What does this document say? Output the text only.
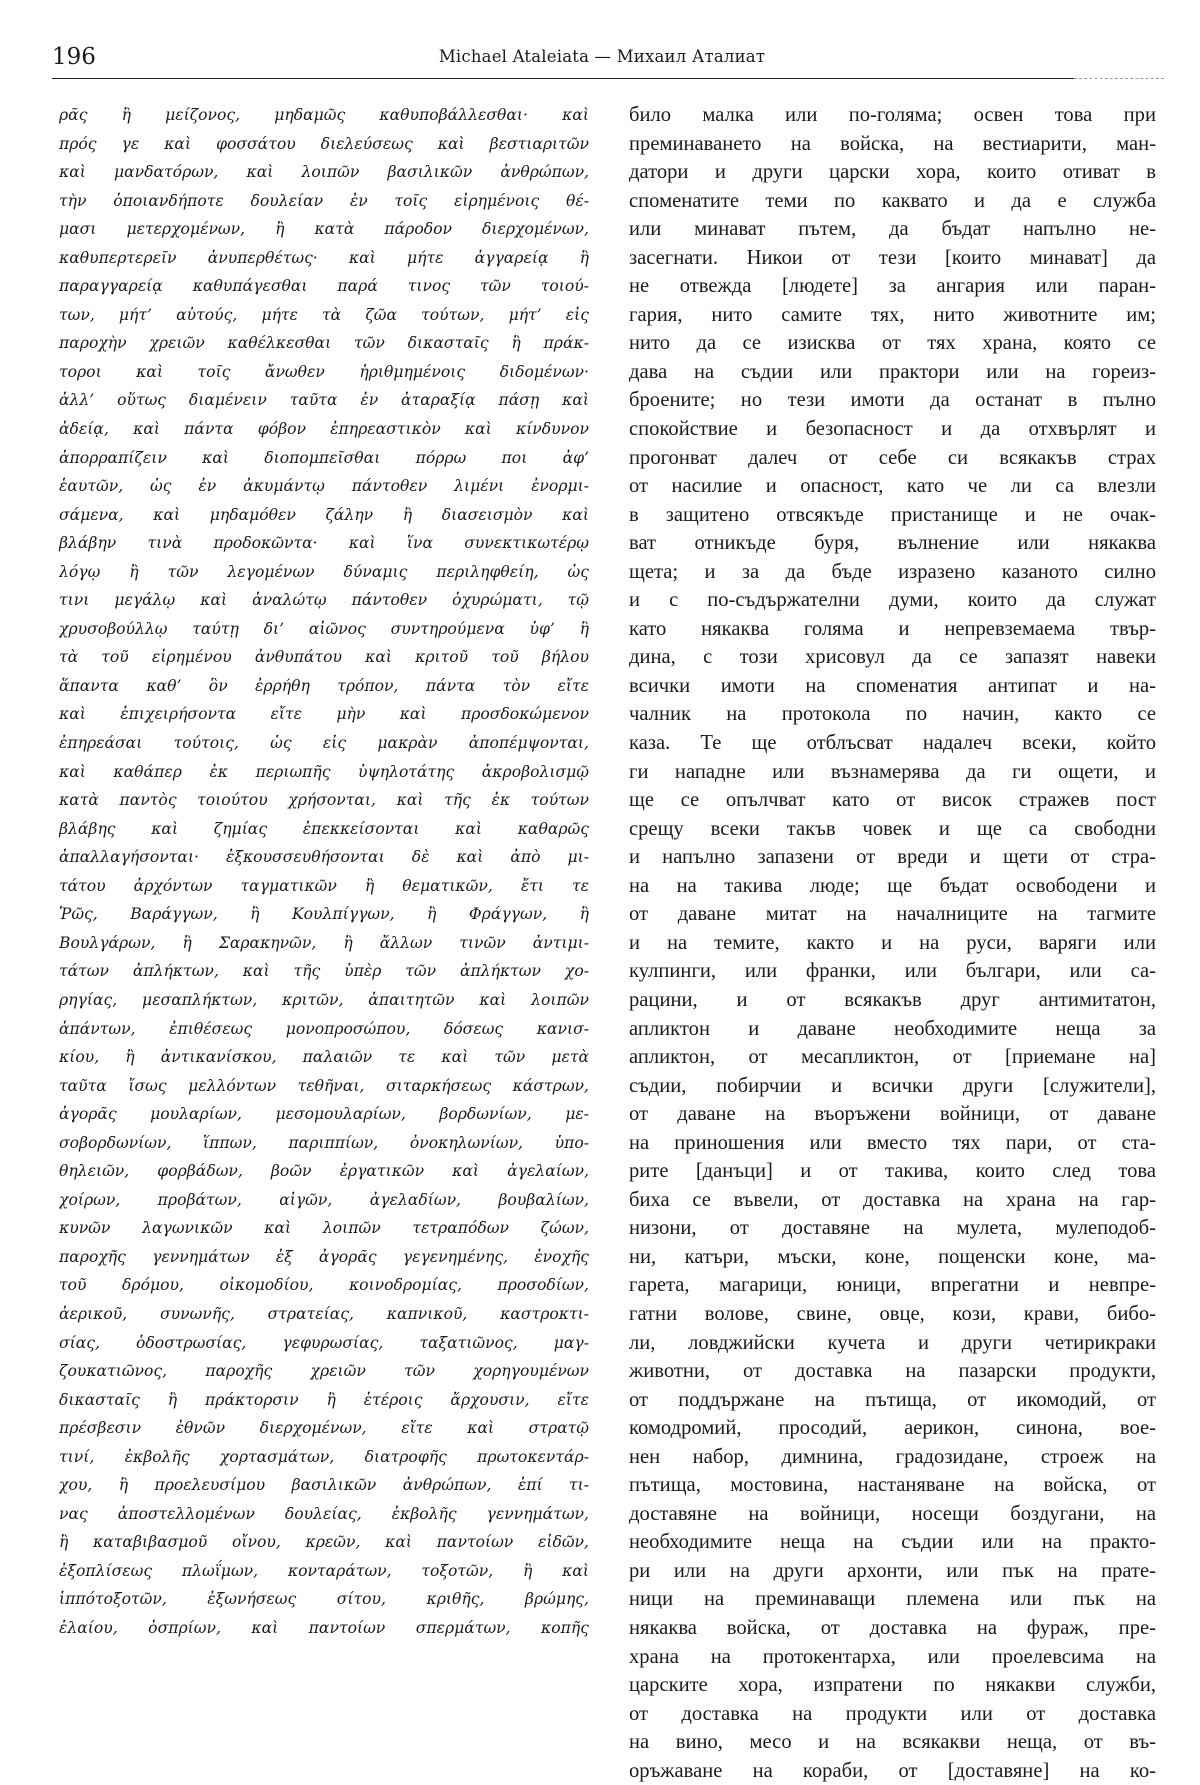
196	Michael Ataleiata — Михаил Аталиат
ρᾶς ἢ μείζονος, μηδαμῶς καθυποβάλλεσθαι· καὶ
πρός γε καὶ φοσσάτου διελεύσεως καὶ βεστιαριτῶν
καὶ μανδατόρων, καὶ λοιπῶν βασιλικῶν ἀνθρώπων,
τὴν ὁποιανδήποτε δουλείαν ἐν τοῖς εἰρημένοις θέ-
μασι μετερχομένων, ἢ κατὰ πάροδον διερχομένων,
καθυπερτερεῖν ἀνυπερθέτως· καὶ μήτε ἀγγαρείᾳ ἢ
παραγγαρείᾳ καθυπάγεσθαι παρά τινος τῶν τοιού-
των, μήτ’ αὐτούς, μήτε τὰ ζῶα τούτων, μήτ’ εἰς
παροχὴν χρειῶν καθέλκεσθαι τῶν δικασταῖς ἢ πράκ-
τοροι καὶ τοῖς ἄνωθεν ἠριθμημένοις διδομένων·
ἀλλ’ οὕτως διαμένειν ταῦτα ἐν ἀταραξίᾳ πάσῃ καὶ
ἀδείᾳ, καὶ πάντα φόβον ἐπηρεαστικὸν καὶ κίνδυνον
ἀπορραπίζειν καὶ διοπομπεῖσθαι πόρρω ποι ἀφ’
ἑαυτῶν, ὡς ἐν ἀκυμάντῳ πάντοθεν λιμένι ἐνορμι-
σάμενα, καὶ μηδαμόθεν ζάλην ἢ διασεισμὸν καὶ
βλάβην τινὰ προδοκῶντα· καὶ ἵνα συνεκτικωτέρῳ
λόγῳ ἢ τῶν λεγομένων δύναμις περιληφθείη, ὡς
τινι μεγάλῳ καὶ ἀναλώτῳ πάντοθεν ὀχυρώματι, τῷ
χρυσοβούλλῳ ταύτῃ δι’ αἰῶνος συντηρούμενα ὑφ’ ἣ
τὰ τοῦ εἰρημένου ἀνθυπάτου καὶ κριτοῦ τοῦ βήλου
ἅπαντα καθ’ ὃν ἐρρήθη τρόπον, πάντα τὸν εἴτε
καὶ ἐπιχειρήσοντα εἴτε μὴν καὶ προσδοκώμενον
ἐπηρεάσαι τούτοις, ὡς εἰς μακρὰν ἀποπέμψονται,
καὶ καθάπερ ἐκ περιωπῆς ὑψηλοτάτης ἀκροβολισμῷ
κατὰ παντὸς τοιούτου χρήσονται, καὶ τῆς ἐκ τούτων
βλάβης καὶ ζημίας ἐπεκκείσονται καὶ καθαρῶς
ἀπαλλαγήσονται· ἐξκουσσευθήσονται δὲ καὶ ἀπὸ μι-
τάτου ἀρχόντων ταγματικῶν ἢ θεματικῶν, ἔτι τε
Ῥῶς, Βαράγγων, ἢ Κουλπίγγων, ἢ Φράγγων, ἢ
Βουλγάρων, ἢ Σαρακηνῶν, ἢ ἄλλων τινῶν ἀντιμι-
τάτων ἀπλήκτων, καὶ τῆς ὑπὲρ τῶν ἀπλήκτων χο-
ρηγίας, μεσαπλήκτων, κριτῶν, ἀπαιτητῶν καὶ λοιπῶν
ἁπάντων, ἐπιθέσεως μονοπροσώπου, δόσεως κανισ-
κίου, ἢ ἀντικανίσκου, παλαιῶν τε καὶ τῶν μετὰ
ταῦτα ἴσως μελλόντων τεθῆναι, σιταρκήσεως κάστρων,
ἀγορᾶς μουλαρίων, μεσομουλαρίων, βορδωνίων, με-
σοβορδωνίων, ἵππων, παριππίων, ὀνοκηλωνίων, ὑπο-
θηλειῶν, φορβάδων, βοῶν ἐργατικῶν καὶ ἀγελαίων,
χοίρων, προβάτων, αἰγῶν, ἀγελαδίων, βουβαλίων,
κυνῶν λαγωνικῶν καὶ λοιπῶν τετραπόδων ζώων,
παροχῆς γεννημάτων ἐξ ἀγορᾶς γεγενημένης, ἐνοχῆς
τοῦ δρόμου, οἰκομοδίου, κοινοδρομίας, προσοδίων,
ἀερικοῦ, συνωνῆς, στρατείας, καπνικοῦ, καστροκτι-
σίας, ὁδοστρωσίας, γεφυρωσίας, ταξατιῶνος, μαγ-
ζουκατιῶνος, παροχῆς χρειῶν τῶν χορηγουμένων
δικασταῖς ἢ πράκτορσιν ἢ ἑτέροις ἄρχουσιν, εἴτε
πρέσβεσιν ἐθνῶν διερχομένων, εἴτε καὶ στρατῷ
τινί, ἐκβολῆς χορτασμάτων, διατροφῆς πρωτοκεντάρ-
χου, ἢ προελευσίμου βασιλικῶν ἀνθρώπων, ἐπί τι-
νας ἀποστελλομένων δουλείας, ἐκβολῆς γεννημάτων,
ἢ καταβιβασμοῦ οἴνου, κρεῶν, καὶ παντοίων εἰδῶν,
ἐξοπλίσεως πλωΐμων, κονταράτων, τοξοτῶν, ἢ καὶ
ἱππότοξοτῶν, ἐξωνήσεως σίτου, κριθῆς, βρώμης,
ἐλαίου, ὀσπρίων, καὶ παντοίων σπερμάτων, κοπῆς
било малка или по-голяма; освен това при
преминаването на войска, на вестиарити, ман-
датори и други царски хора, които отиват в
споменатите теми по каквато и да е служба
или минават пътем, да бъдат напълно не-
засегнати. Никои от тези [които минават] да
не отвежда [людете] за ангария или паран-
гария, нито самите тях, нито животните им;
нито да се изисква от тях храна, която се
дава на съдии или практори или на гореиз-
броените; но тези имоти да останат в пълно
спокойствие и безопасност и да отхвърлят и
прогонват далеч от себе си всякакъв страх
от насилие и опасност, като че ли са влезли
в защитено отвсякъде пристанище и не очак-
ват отникъде буря, вълнение или някаква
щета; и за да бъде изразено казаното силно
и с по-съдържателни думи, които да служат
като някаква голяма и непревземаема твър-
дина, с този хрисовул да се запазят навеки
всички имоти на споменатия антипат и на-
чалник на протокола по начин, както се
каза. Те ще отблъсват надалеч всеки, който
ги нападне или възнамерява да ги ощети, и
ще се опълчват като от висок стражев пост
срещу всеки такъв човек и ще са свободни
и напълно запазени от вреди и щети от стра-
на на такива люде; ще бъдат освободени и
от даване митат на началниците на тагмите
и на темите, както и на руси, варяги или
кулпинги, или франки, или българи, или са-
рацини, и от всякакъв друг антимитатон,
апликтон и даване необходимите неща за
апликтон, от месапликтон, от [приемане на]
съдии, побирчии и всички други [служители],
от даване на въоръжени войници, от даване
на приношения или вместо тях пари, от ста-
рите [данъци] и от такива, които след това
биха се въвели, от доставка на храна на гар-
низони, от доставяне на мулета, мулеподоб-
ни, катъри, мъски, коне, пощенски коне, ма-
гарета, магарици, юници, впрегатни и невпре-
гатни волове, свине, овце, кози, крави, бибо-
ли, ловджийски кучета и други четирикраки
животни, от доставка на пазарски продукти,
от поддържане на пътища, от икомодий, от
комодромий, просодий, аерикон, синона, вое-
нен набор, димнина, градозидане, строеж на
пътища, мостовина, настаняване на войска, от
доставяне на войници, носещи боздугани, на
необходимите неща на съдии или на практо-
ри или на други архонти, или пък на прате-
ници на преминаващи племена или пък на
някаква войска, от доставка на фураж, пре-
храна на протокентарха, или проелевсима на
царските хора, изпратени по някакви служби,
от доставка на продукти или от доставка
на вино, месо и на всякакви неща, от въ-
оръжаване на кораби, от [доставяне] на ко-
